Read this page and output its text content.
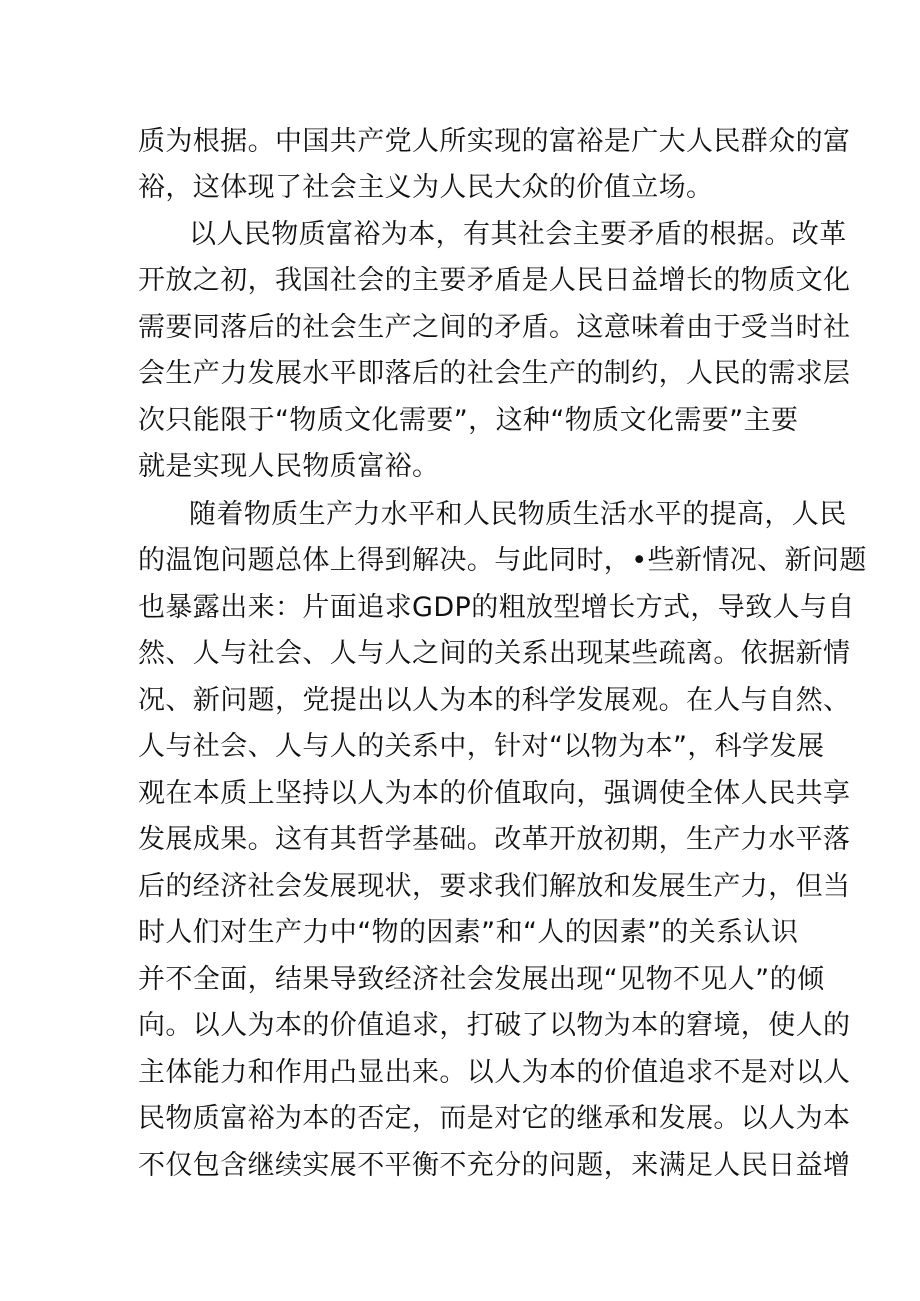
质为根据。中国共产党人所实现的富裕是广大人民群众的富
裕，这体现了社会主义为人民大众的价值立场。
以人民物质富裕为本，有其社会主要矛盾的根据。改革
开放之初，我国社会的主要矛盾是人民日益增长的物质文化
需要同落后的社会生产之间的矛盾。这意味着由于受当时社
会生产力发展水平即落后的社会生产的制约，人民的需求层
次只能限于“物质文化需要”，这种“物质文化需要”主要
就是实现人民物质富裕。
随着物质生产力水平和人民物质生活水平的提高，人民
的温饱问题总体上得到解决。与此同时，•些新情况、新问题
也暴露出来：片面追求GDP的粗放型增长方式，导致人与自
然、人与社会、人与人之间的关系出现某些疏离。依据新情
况、新问题，党提出以人为本的科学发展观。在人与自然、
人与社会、人与人的关系中，针对“以物为本”，科学发展
观在本质上坚持以人为本的价值取向，强调使全体人民共享
发展成果。这有其哲学基础。改革开放初期，生产力水平落
后的经济社会发展现状，要求我们解放和发展生产力，但当
时人们对生产力中“物的因素”和“人的因素”的关系认识
并不全面，结果导致经济社会发展出现“见物不见人”的倾
向。以人为本的价值追求，打破了以物为本的窘境，使人的
主体能力和作用凸显出来。以人为本的价值追求不是对以人
民物质富裕为本的否定，而是对它的继承和发展。以人为本
不仅包含继续实展不平衡不充分的问题，来满足人民日益增
